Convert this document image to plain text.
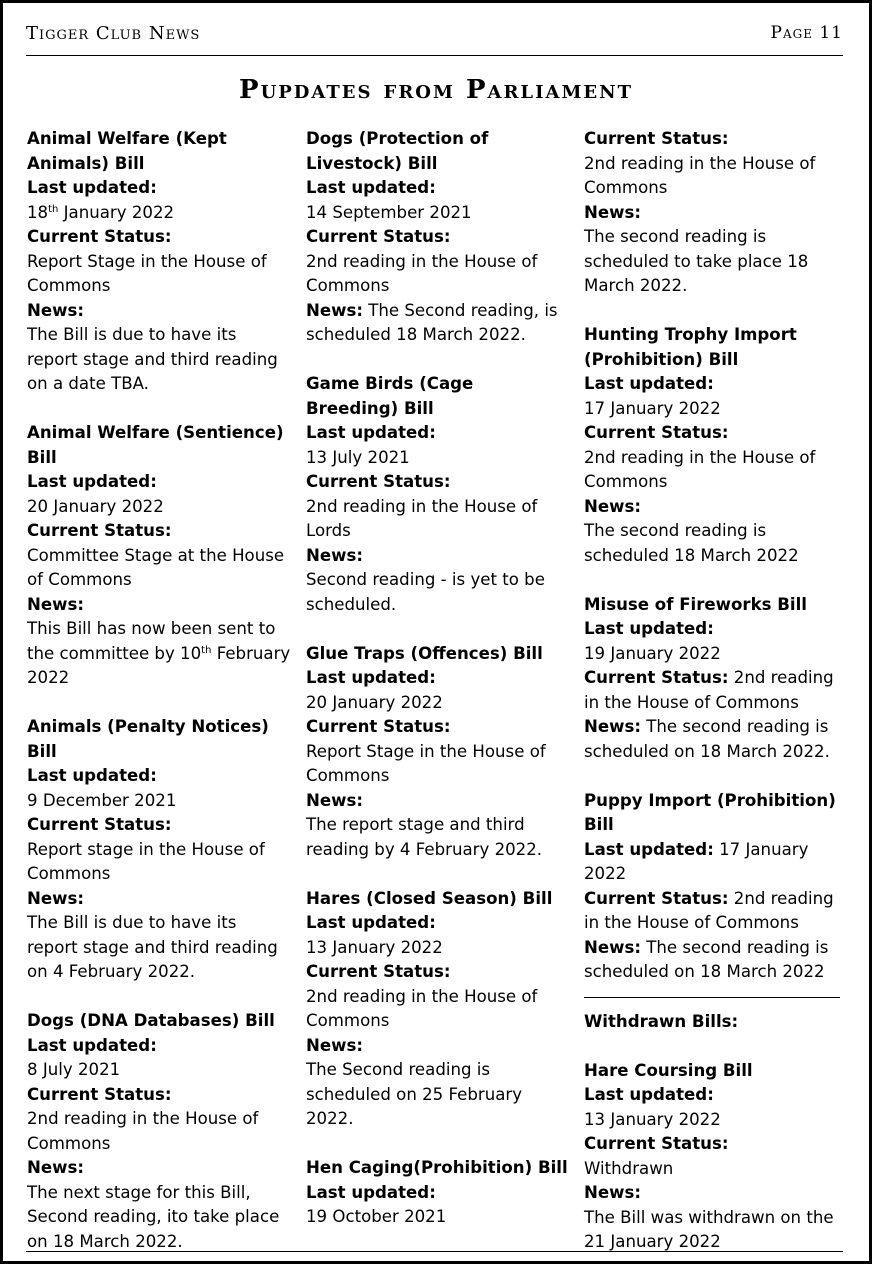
Tigger Club News	Page 11
Pupdates from Parliament
Animal Welfare (Kept Animals) Bill
Last updated:
18th January 2022
Current Status:
Report Stage in the House of Commons
News:
The Bill is due to have its report stage and third reading on a date TBA.
Animal Welfare (Sentience) Bill
Last updated:
20 January 2022
Current Status:
Committee Stage at the House of Commons
News:
This Bill has now been sent to the committee by 10th February 2022
Animals (Penalty Notices) Bill
Last updated:
9 December 2021
Current Status:
Report stage in the House of Commons
News:
The Bill is due to have its report stage and third reading on 4 February 2022.
Dogs (DNA Databases) Bill
Last updated:
8 July 2021
Current Status:
2nd reading in the House of Commons
News:
The next stage for this Bill, Second reading, ito take place on 18 March 2022.
Dogs (Protection of Livestock) Bill
Last updated:
14 September 2021
Current Status:
2nd reading in the House of Commons
News: The Second reading, is scheduled 18 March 2022.
Game Birds (Cage Breeding) Bill
Last updated:
13 July 2021
Current Status:
2nd reading in the House of Lords
News:
Second reading - is yet to be scheduled.
Glue Traps (Offences) Bill
Last updated:
20 January 2022
Current Status:
Report Stage in the House of Commons
News:
The report stage and third reading by 4 February 2022.
Hares (Closed Season) Bill
Last updated:
13 January 2022
Current Status:
2nd reading in the House of Commons
News:
The Second reading is scheduled on 25 February 2022.
Hen Caging(Prohibition) Bill
Last updated:
19 October 2021
Current Status:
2nd reading in the House of Commons
News:
The second reading is scheduled to take place 18 March 2022.
Hunting Trophy Import (Prohibition) Bill
Last updated:
17 January 2022
Current Status:
2nd reading in the House of Commons
News:
The second reading is scheduled 18 March 2022
Misuse of Fireworks Bill
Last updated:
19 January 2022
Current Status: 2nd reading in the House of Commons
News: The second reading is scheduled on 18 March 2022.
Puppy Import (Prohibition) Bill
Last updated: 17 January 2022
Current Status: 2nd reading in the House of Commons
News: The second reading is scheduled on 18 March 2022
Withdrawn Bills:
Hare Coursing Bill
Last updated:
13 January 2022
Current Status:
Withdrawn
News:
The Bill was withdrawn on the 21 January 2022
